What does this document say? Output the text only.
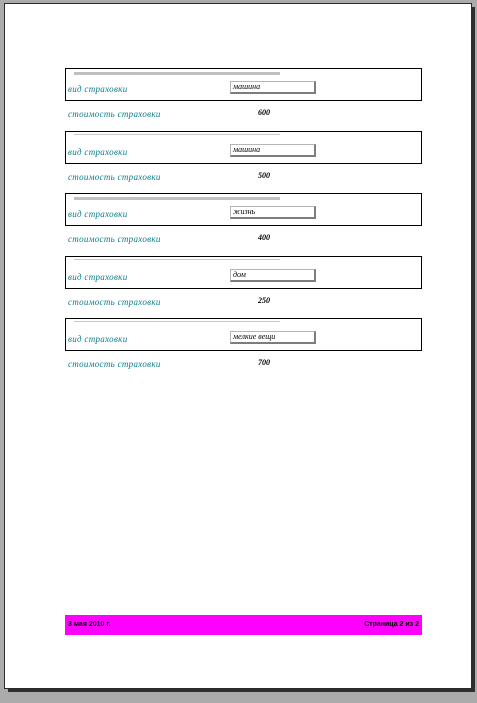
вид страховки	машина
стоимость страховки	600
вид страховки	машина
стоимость страховки	500
вид страховки	жизнь
стоимость страховки	400
вид страховки	дом
стоимость страховки	250
вид страховки	мелкие вещи
стоимость страховки	700
3 мая 2010 г.	Страница 2 из 2
